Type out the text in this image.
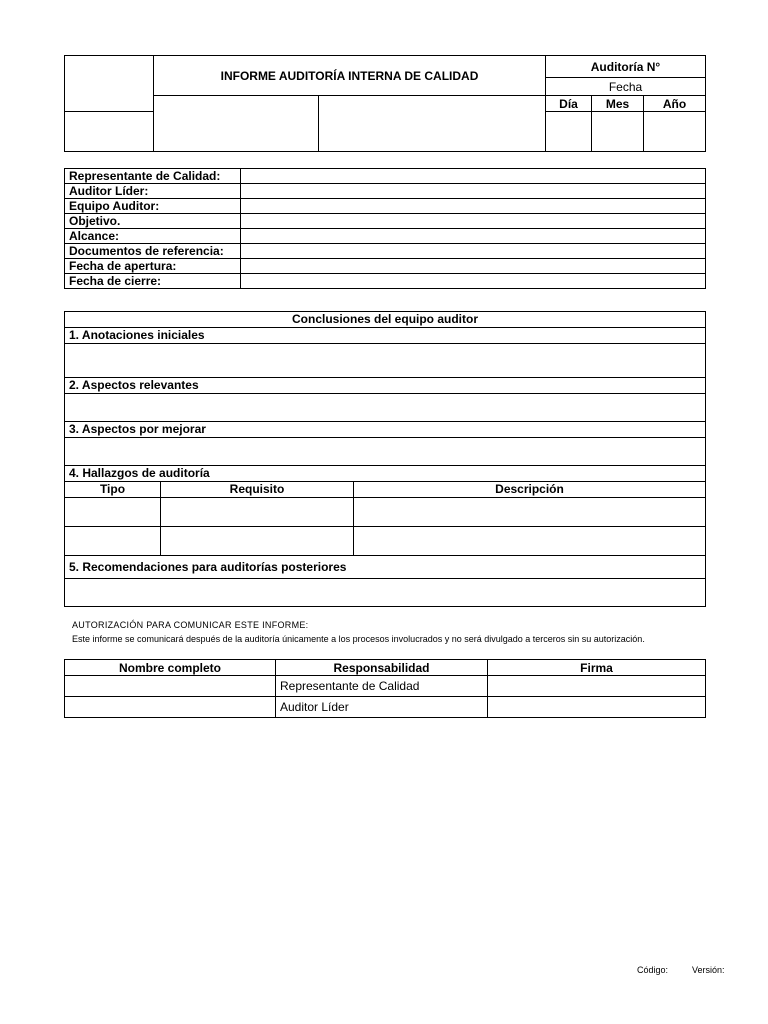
	INFORME AUDITORÍA INTERNA DE CALIDAD		Auditoría N°		
			Fecha		
			Día	Mes	Año

Representante de Calidad:	
Auditor Líder:	
Equipo Auditor:	
Objetivo.	
Alcance:	
Documentos de referencia:	
Fecha de apertura:	
Fecha de cierre:	
Conclusiones del equipo auditor		
1. Anotaciones iniciales		

2. Aspectos relevantes		

3. Aspectos por mejorar		

4. Hallazgos de auditoría		
Tipo	Requisito	Descripción

5. Recomendaciones para auditorías posteriores		

AUTORIZACIÓN PARA COMUNICAR ESTE INFORME:
Este informe se comunicará después de la auditoría únicamente a los procesos involucrados y no será divulgado a terceros sin su autorización.
Nombre completo	Responsabilidad	Firma
	Representante de Calidad	
	Auditor Líder	
Código:	Versión:
